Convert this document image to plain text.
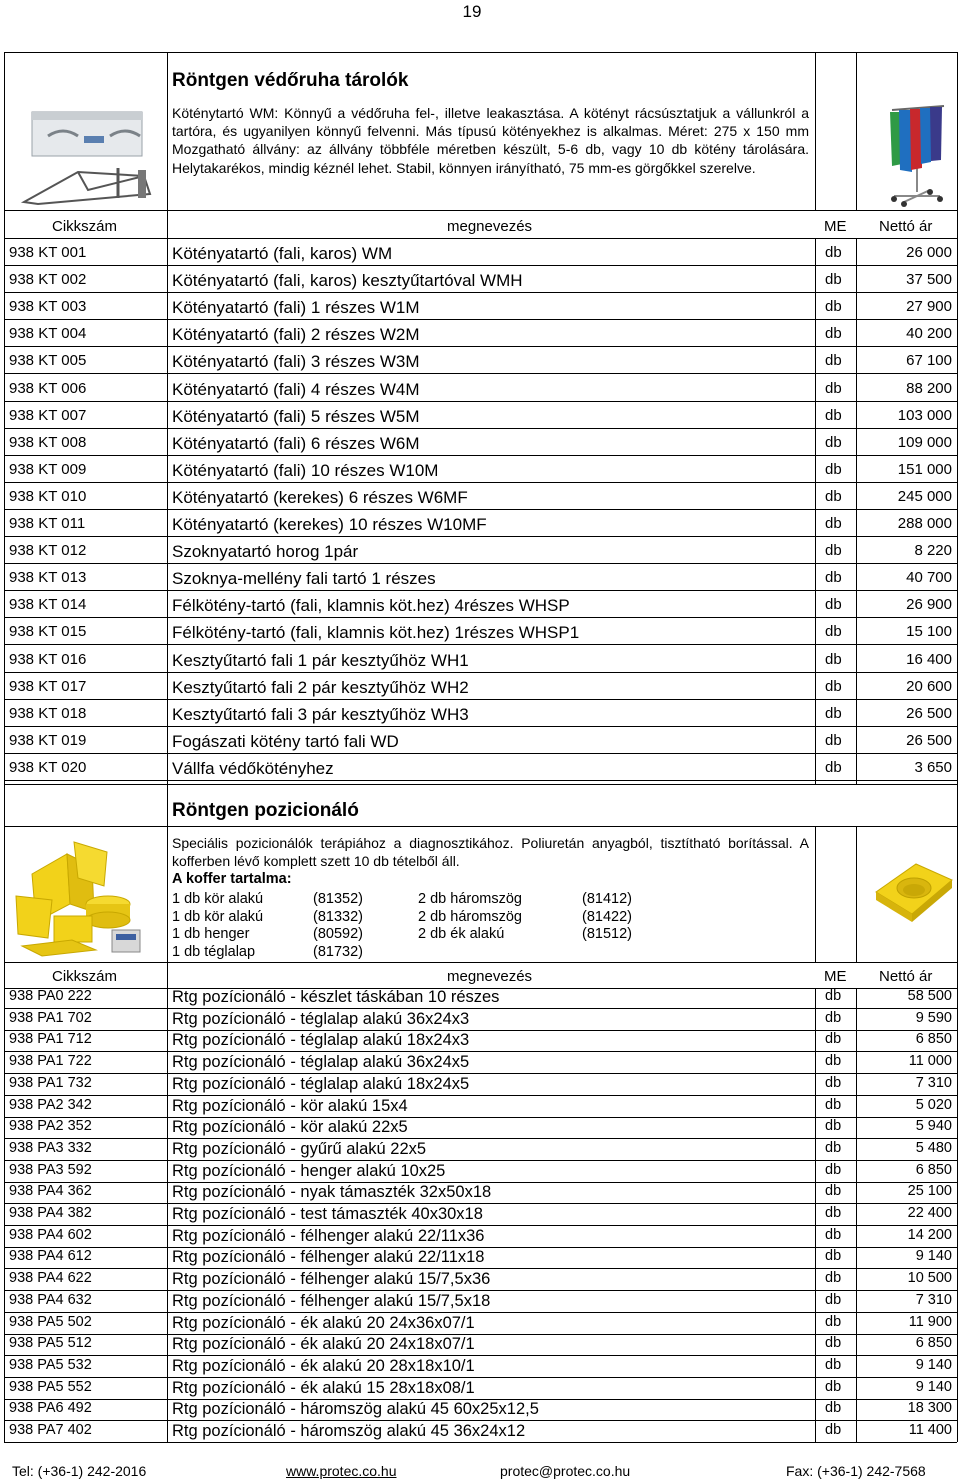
19
Röntgen védőruha tárolók
Köténytartó WM: Könnyű a védőruha fel-, illetve leakasztása. A kötényt rácsúsztatjuk a vállunkról a tartóra, és ugyanilyen könnyű felvenni. Más típusú kötényekhez is alkalmas. Méret: 275 x 150 mm Mozgatható állvány: az állvány többféle méretben készült, 5-6 db, vagy 10 db kötény tárolására. Helytakarékos, mindig kéznél lehet. Stabil, könnyen irányítható, 75 mm-es görgőkkel szerelve.
Cikkszám	megnevezés	ME Nettó ár
938 KT 001	Kötényatartó (fali, karos) WM	db	26 000
938 KT 002	Kötényatartó (fali, karos) kesztyűtartóval WMH	db	37 500
938 KT 003	Kötényatartó (fali) 1 részes W1M	db	27 900
938 KT 004	Kötényatartó (fali) 2 részes W2M	db	40 200
938 KT 005	Kötényatartó (fali) 3 részes W3M	db	67 100
938 KT 006	Kötényatartó (fali) 4 részes W4M	db	88 200
938 KT 007	Kötényatartó (fali) 5 részes W5M	db	103 000
938 KT 008	Kötényatartó (fali) 6 részes W6M	db	109 000
938 KT 009	Kötényatartó (fali) 10 részes W10M	db	151 000
938 KT 010	Kötényatartó (kerekes) 6 részes W6MF	db	245 000
938 KT 011	Kötényatartó (kerekes) 10 részes W10MF	db	288 000
938 KT 012	Szoknyatartó horog 1pár	db	8 220
938 KT 013	Szoknya-mellény fali tartó 1 részes	db	40 700
938 KT 014	Félkötény-tartó (fali, klamnis köt.hez) 4részes WHSP	db	26 900
938 KT 015	Félkötény-tartó (fali, klamnis köt.hez) 1részes WHSP1	db	15 100
938 KT 016	Kesztyűtartó fali 1 pár kesztyűhöz WH1	db	16 400
938 KT 017	Kesztyűtartó fali 2 pár kesztyűhöz WH2	db	20 600
938 KT 018	Kesztyűtartó fali 3 pár kesztyűhöz WH3	db	26 500
938 KT 019	Fogászati kötény tartó fali WD	db	26 500
938 KT 020	Vállfa védőkötényhez	db	3 650
Röntgen pozicionáló
Speciális pozicionálók terápiához a diagnosztikához. Poliuretán anyagból, tisztítható borítással. A kofferben lévő komplett szett 10 db tételből áll.
A koffer tartalma:
1 db kör alakú	(81352)	2 db háromszög	(81412)
1 db kör alakú	(81332)	2 db háromszög	(81422)
1 db henger	(80592)	2 db ék alakú	(81512)
1 db téglalap	(81732)
Cikkszám	megnevezés	ME Nettó ár
938 PA0 222	Rtg pozícionáló - készlet táskában 10 részes	db	58 500
938 PA1 702	Rtg pozícionáló - téglalap alakú 36x24x3	db	9 590
938 PA1 712	Rtg pozícionáló - téglalap alakú 18x24x3	db	6 850
938 PA1 722	Rtg pozícionáló - téglalap alakú 36x24x5	db	11 000
938 PA1 732	Rtg pozícionáló - téglalap alakú 18x24x5	db	7 310
938 PA2 342	Rtg pozícionáló - kör alakú 15x4	db	5 020
938 PA2 352	Rtg pozícionáló - kör alakú 22x5	db	5 940
938 PA3 332	Rtg pozícionáló - gyűrű alakú 22x5	db	5 480
938 PA3 592	Rtg pozícionáló - henger alakú 10x25	db	6 850
938 PA4 362	Rtg pozícionáló - nyak támaszték 32x50x18	db	25 100
938 PA4 382	Rtg pozícionáló - test támaszték 40x30x18	db	22 400
938 PA4 602	Rtg pozícionáló - félhenger alakú 22/11x36	db	14 200
938 PA4 612	Rtg pozícionáló - félhenger alakú 22/11x18	db	9 140
938 PA4 622	Rtg pozícionáló - félhenger alakú 15/7,5x36	db	10 500
938 PA4 632	Rtg pozícionáló - félhenger alakú 15/7,5x18	db	7 310
938 PA5 502	Rtg pozícionáló - ék alakú 20 24x36x07/1	db	11 900
938 PA5 512	Rtg pozícionáló - ék alakú 20 24x18x07/1	db	6 850
938 PA5 532	Rtg pozícionáló - ék alakú 20 28x18x10/1	db	9 140
938 PA5 552	Rtg pozícionáló - ék alakú 15 28x18x08/1	db	9 140
938 PA6 492	Rtg pozícionáló - háromszög alakú 45 60x25x12,5	db	18 300
938 PA7 402	Rtg pozícionáló - háromszög alakú 45 36x24x12	db	11 400
Tel: (+36-1) 242-2016	www.protec.co.hu	protec@protec.co.hu	Fax: (+36-1) 242-7568
